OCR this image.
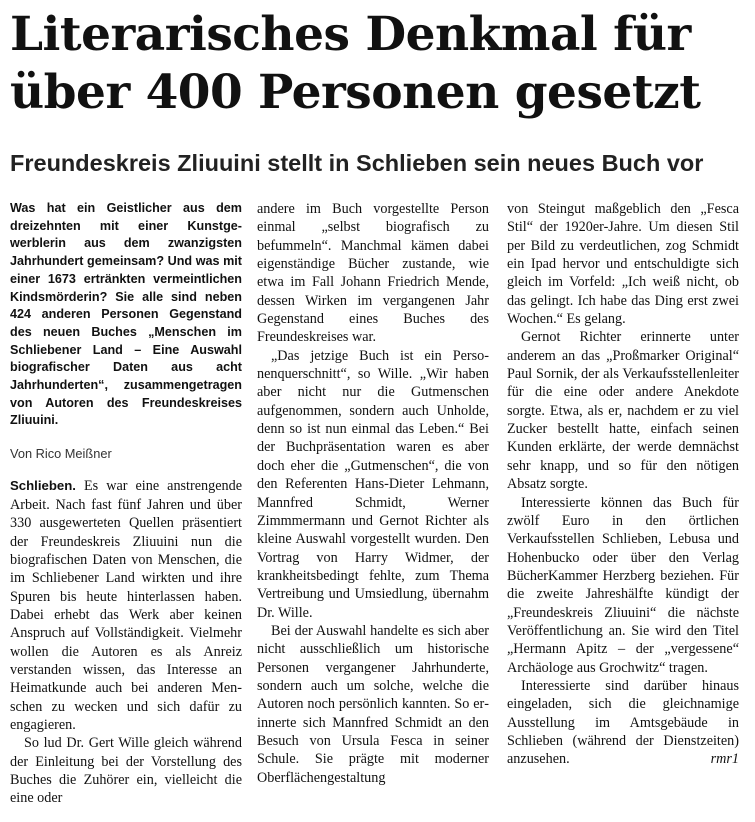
Literarisches Denkmal für
über 400 Personen gesetzt
Freundeskreis Zliuuini stellt in Schlieben sein neues Buch vor

Was hat ein Geistlicher aus dem dreizehnten mit einer Kunstgewerblerin aus dem zwanzigsten Jahrhundert gemeinsam? Und was mit einer 1673 ertränkten vermeintlichen Kindsmörderin? Sie alle sind neben 424 anderen Personen Gegenstand des neuen Buches „Menschen im Schliebener Land – Eine Auswahl biografischer Daten aus acht Jahrhunderten“, zusammengetragen von Autoren des Freundeskreises Zliuuini.

Von Rico Meißner

Schlieben. Es war eine anstrengende Arbeit. Nach fast fünf Jahren und über 330 ausgewerteten Quellen präsentiert der Freundeskreis Zliuuini nun die biografischen Daten von Menschen, die im Schliebener Land wirkten und ihre Spuren bis heute hinterlassen haben. Dabei erhebt das Werk aber keinen Anspruch auf Vollständigkeit. Vielmehr wollen die Autoren es als Anreiz verstanden wissen, das Interesse an Heimatkunde auch bei anderen Menschen zu wecken und sich dafür zu engagieren.

So lud Dr. Gert Wille gleich während der Einleitung bei der Vorstellung des Buches die Zuhörer ein, vielleicht die eine oder

andere im Buch vorgestellte Person einmal „selbst biografisch zu befummeln“. Manchmal kämen dabei eigenständige Bücher zustande, wie etwa im Fall Johann Friedrich Mende, dessen Wirken im vergangenen Jahr Gegenstand eines Buches des Freundeskreises war.

„Das jetzige Buch ist ein Personenquerschnitt“, so Wille. „Wir haben aber nicht nur die Gutmenschen aufgenommen, sondern auch Unholde, denn so ist nun einmal das Leben.“ Bei der Buchpräsentation waren es aber doch eher die „Gutmenschen“, die von den Referenten Hans-Dieter Lehmann, Mannfred Schmidt, Werner Zimmmermann und Gernot Richter als kleine Auswahl vorgestellt wurden. Den Vortrag von Harry Widmer, der krankheitsbedingt fehlte, zum Thema Vertreibung und Umsiedlung, übernahm Dr. Wille.

Bei der Auswahl handelte es sich aber nicht ausschließlich um historische Personen vergangener Jahrhunderte, sondern auch um solche, welche die Autoren noch persönlich kannten. So erinnerte sich Mannfred Schmidt an den Besuch von Ursula Fesca in seiner Schule. Sie prägte mit moderner Oberflächengestaltung

von Steingut maßgeblich den „Fesca Stil“ der 1920er-Jahre. Um diesen Stil per Bild zu verdeutlichen, zog Schmidt ein Ipad hervor und entschuldigte sich gleich im Vorfeld: „Ich weiß nicht, ob das gelingt. Ich habe das Ding erst zwei Wochen.“ Es gelang.

Gernot Richter erinnerte unter anderem an das „Proßmarker Original“ Paul Sornik, der als Verkaufsstellenleiter für die eine oder andere Anekdote sorgte. Etwa, als er, nachdem er zu viel Zucker bestellt hatte, einfach seinen Kunden erklärte, der werde demnächst sehr knapp, und so für den nötigen Absatz sorgte.

Interessierte können das Buch für zwölf Euro in den örtlichen Verkaufsstellen Schlieben, Lebusa und Hohenbucko oder über den Verlag BücherKammer Herzberg beziehen. Für die zweite Jahreshälfte kündigt der „Freundeskreis Zliuuini“ die nächste Veröffentlichung an. Sie wird den Titel „Hermann Apitz – der „vergessene“ Archäologe aus Grochwitz“ tragen.

Interessierte sind darüber hinaus eingeladen, sich die gleichnamige Ausstellung im Amtsgebäude in Schlieben (während der Dienstzeiten) anzusehen.	rmr1
